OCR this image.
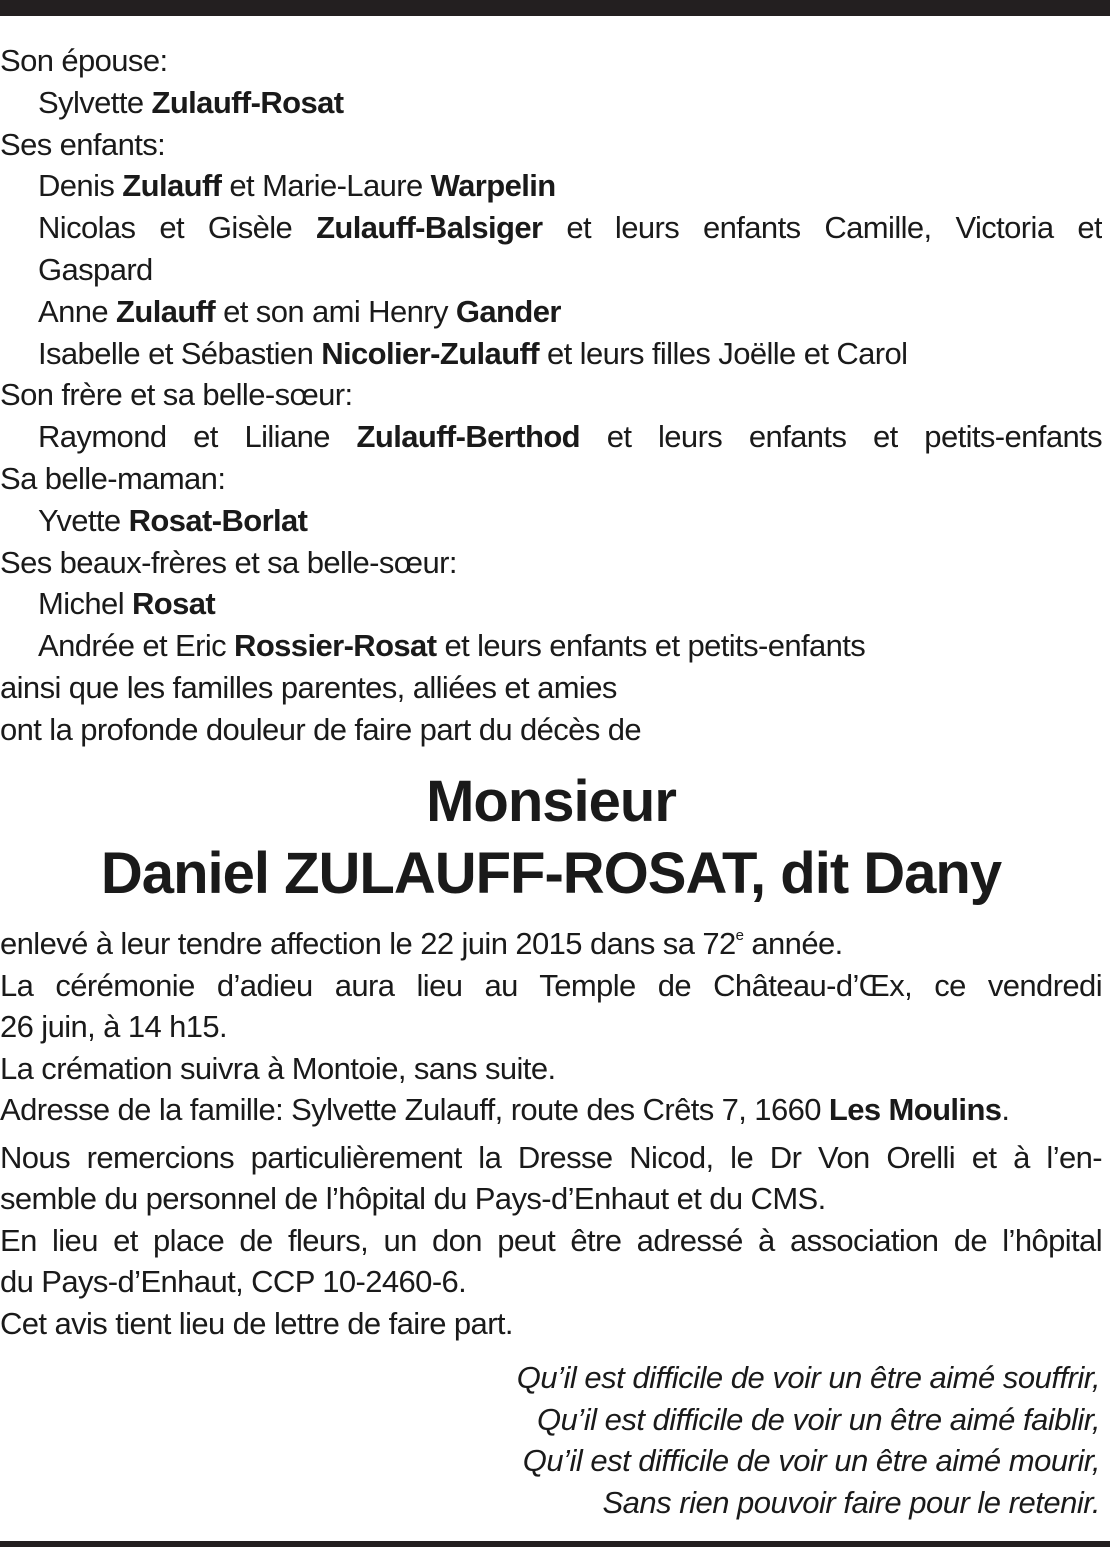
Son épouse:
Sylvette Zulauff-Rosat
Ses enfants:
Denis Zulauff et Marie-Laure Warpelin
Nicolas et Gisèle Zulauff-Balsiger et leurs enfants Camille, Victoria et
Gaspard
Anne Zulauff et son ami Henry Gander
Isabelle et Sébastien Nicolier-Zulauff et leurs filles Joëlle et Carol
Son frère et sa belle-sœur:
Raymond et Liliane Zulauff-Berthod et leurs enfants et petits-enfants
Sa belle-maman:
Yvette Rosat-Borlat
Ses beaux-frères et sa belle-sœur:
Michel Rosat
Andrée et Eric Rossier-Rosat et leurs enfants et petits-enfants
ainsi que les familles parentes, alliées et amies
ont la profonde douleur de faire part du décès de
Monsieur
Daniel ZULAUFF-ROSAT, dit Dany
enlevé à leur tendre affection le 22 juin 2015 dans sa 72e année.
La cérémonie d’adieu aura lieu au Temple de Château-d’Œx, ce vendredi
26 juin, à 14 h15.
La crémation suivra à Montoie, sans suite.
Adresse de la famille: Sylvette Zulauff, route des Crêts 7, 1660 Les Moulins.
Nous remercions particulièrement la Dresse Nicod, le Dr Von Orelli et à l’en-
semble du personnel de l’hôpital du Pays-d’Enhaut et du CMS.
En lieu et place de fleurs, un don peut être adressé à association de l’hôpital
du Pays-d’Enhaut, CCP 10-2460-6.
Cet avis tient lieu de lettre de faire part.
Qu’il est difficile de voir un être aimé souffrir,
Qu’il est difficile de voir un être aimé faiblir,
Qu’il est difficile de voir un être aimé mourir,
Sans rien pouvoir faire pour le retenir.
